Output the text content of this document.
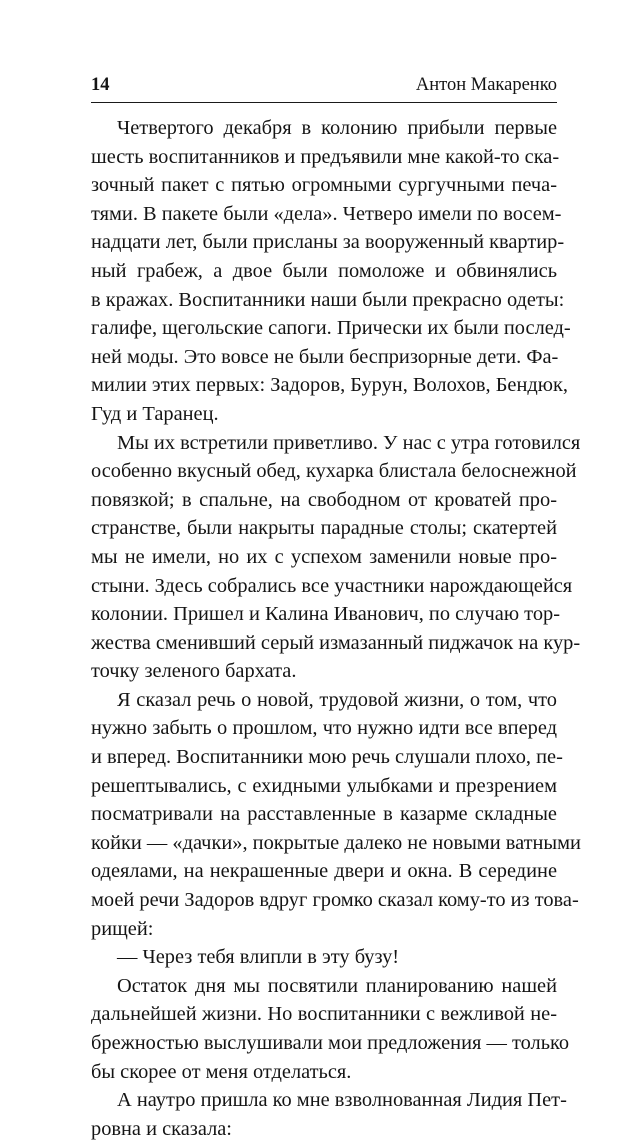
14	Антон Макаренко
Четвертого декабря в колонию прибыли первые
шесть воспитанников и предъявили мне какой-то ска-
зочный пакет с пятью огромными сургучными печа-
тями. В пакете были «дела». Четверо имели по восем-
надцати лет, были присланы за вооруженный квартир-
ный грабеж, а двое были помоложе и обвинялись
в кражах. Воспитанники наши были прекрасно одеты:
галифе, щегольские сапоги. Прически их были послед-
ней моды. Это вовсе не были беспризорные дети. Фа-
милии этих первых: Задоров, Бурун, Волохов, Бендюк,
Гуд и Таранец.
Мы их встретили приветливо. У нас с утра готовился
особенно вкусный обед, кухарка блистала белоснежной
повязкой; в спальне, на свободном от кроватей про-
странстве, были накрыты парадные столы; скатертей
мы не имели, но их с успехом заменили новые про-
стыни. Здесь собрались все участники нарождающейся
колонии. Пришел и Калина Иванович, по случаю тор-
жества сменивший серый измазанный пиджачок на кур-
точку зеленого бархата.
Я сказал речь о новой, трудовой жизни, о том, что
нужно забыть о прошлом, что нужно идти все вперед
и вперед. Воспитанники мою речь слушали плохо, пе-
решептывались, с ехидными улыбками и презрением
посматривали на расставленные в казарме складные
койки — «дачки», покрытые далеко не новыми ватными
одеялами, на некрашенные двери и окна. В середине
моей речи Задоров вдруг громко сказал кому-то из това-
рищей:
— Через тебя влипли в эту бузу!
Остаток дня мы посвятили планированию нашей
дальнейшей жизни. Но воспитанники с вежливой не-
брежностью выслушивали мои предложения — только
бы скорее от меня отделаться.
А наутро пришла ко мне взволнованная Лидия Пет-
ровна и сказала:
